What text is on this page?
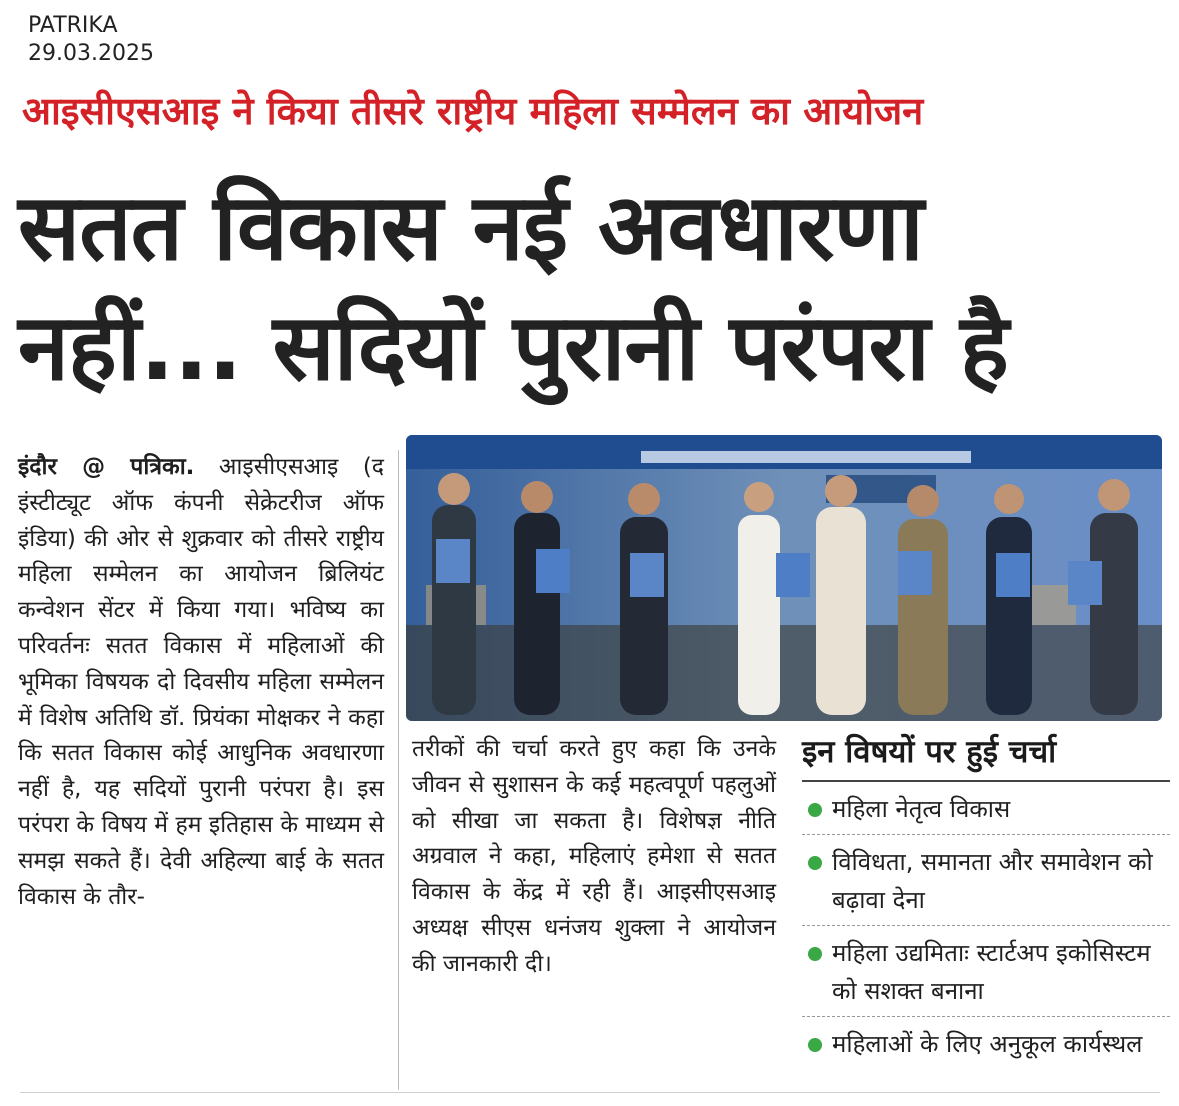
PATRIKA
29.03.2025
आइसीएसआइ ने किया तीसरे राष्ट्रीय महिला सम्मेलन का आयोजन
सतत विकास नई अवधारणा
नहीं... सदियों पुरानी परंपरा है

इंदौर @ पत्रिका. आइसीएसआइ (द इंस्टीट्यूट ऑफ कंपनी सेक्रेटरीज ऑफ इंडिया) की ओर से शुक्रवार को तीसरे राष्ट्रीय महिला सम्मेलन का आयोजन ब्रिलियंट कन्वेशन सेंटर में किया गया। भविष्य का परिवर्तनः सतत विकास में महिलाओं की भूमिका विषयक दो दिवसीय महिला सम्मेलन में विशेष अतिथि डॉ. प्रियंका मोक्षकर ने कहा कि सतत विकास कोई आधुनिक अवधारणा नहीं है, यह सदियों पुरानी परंपरा है। इस परंपरा के विषय में हम इतिहास के माध्यम से समझ सकते हैं। देवी अहिल्या बाई के सतत विकास के तौर-

तरीकों की चर्चा करते हुए कहा कि उनके जीवन से सुशासन के कई महत्वपूर्ण पहलुओं को सीखा जा सकता है। विशेषज्ञ नीति अग्रवाल ने कहा, महिलाएं हमेशा से सतत विकास के केंद्र में रही हैं। आइसीएसआइ अध्यक्ष सीएस धनंजय शुक्ला ने आयोजन की जानकारी दी।

इन विषयों पर हुई चर्चा
महिला नेतृत्व विकास
विविधता, समानता और समावेशन को बढ़ावा देना
महिला उद्यमिताः स्टार्टअप इकोसिस्टम को सशक्त बनाना
महिलाओं के लिए अनुकूल कार्यस्थल
